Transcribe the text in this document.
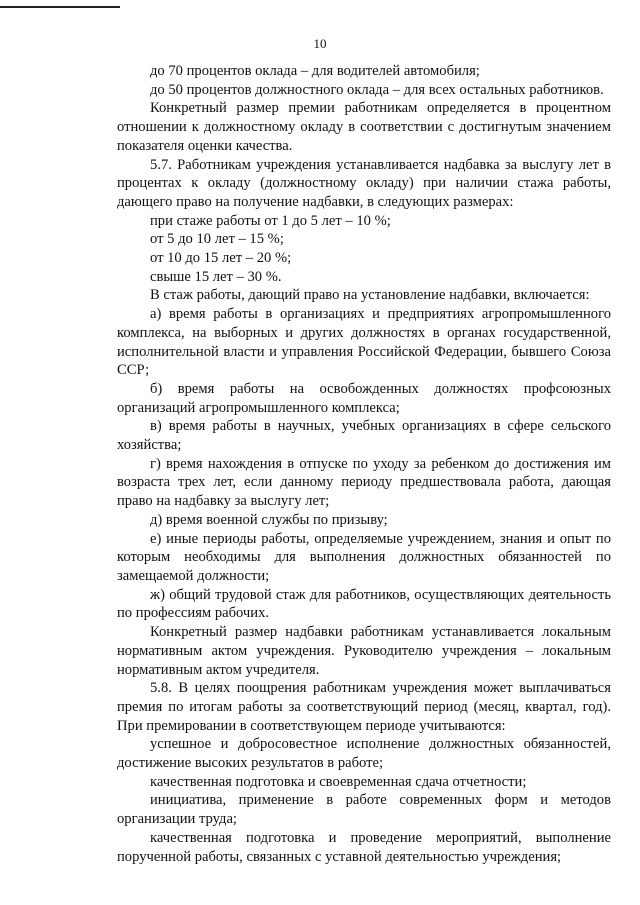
10

до 70 процентов оклада – для водителей автомобиля;

до 50 процентов должностного оклада – для всех остальных работников.

Конкретный размер премии работникам определяется в процентном отношении к должностному окладу в соответствии с достигнутым значением показателя оценки качества.

5.7. Работникам учреждения устанавливается надбавка за выслугу лет в процентах к окладу (должностному окладу) при наличии стажа работы, дающего право на получение надбавки, в следующих размерах:

при стаже работы от 1 до 5 лет – 10 %;

от 5 до 10 лет – 15 %;

от 10 до 15 лет – 20 %;

свыше 15 лет – 30 %.

В стаж работы, дающий право на установление надбавки, включается:

а) время работы в организациях и предприятиях агропромышленного комплекса, на выборных и других должностях в органах государственной, исполнительной власти и управления Российской Федерации, бывшего Союза ССР;

б) время работы на освобожденных должностях профсоюзных организаций агропромышленного комплекса;

в) время работы в научных, учебных организациях в сфере сельского хозяйства;

г) время нахождения в отпуске по уходу за ребенком до достижения им возраста трех лет, если данному периоду предшествовала работа, дающая право на надбавку за выслугу лет;

д) время военной службы по призыву;

е) иные периоды работы, определяемые учреждением, знания и опыт по которым необходимы для выполнения должностных обязанностей по замещаемой должности;

ж) общий трудовой стаж для работников, осуществляющих деятельность по профессиям рабочих.

Конкретный размер надбавки работникам устанавливается локальным нормативным актом учреждения. Руководителю учреждения – локальным нормативным актом учредителя.

5.8. В целях поощрения работникам учреждения может выплачиваться премия по итогам работы за соответствующий период (месяц, квартал, год). При премировании в соответствующем периоде учитываются:

успешное и добросовестное исполнение должностных обязанностей, достижение высоких результатов в работе;

качественная подготовка и своевременная сдача отчетности;

инициатива, применение в работе современных форм и методов организации труда;

качественная подготовка и проведение мероприятий, выполнение порученной работы, связанных с уставной деятельностью учреждения;
